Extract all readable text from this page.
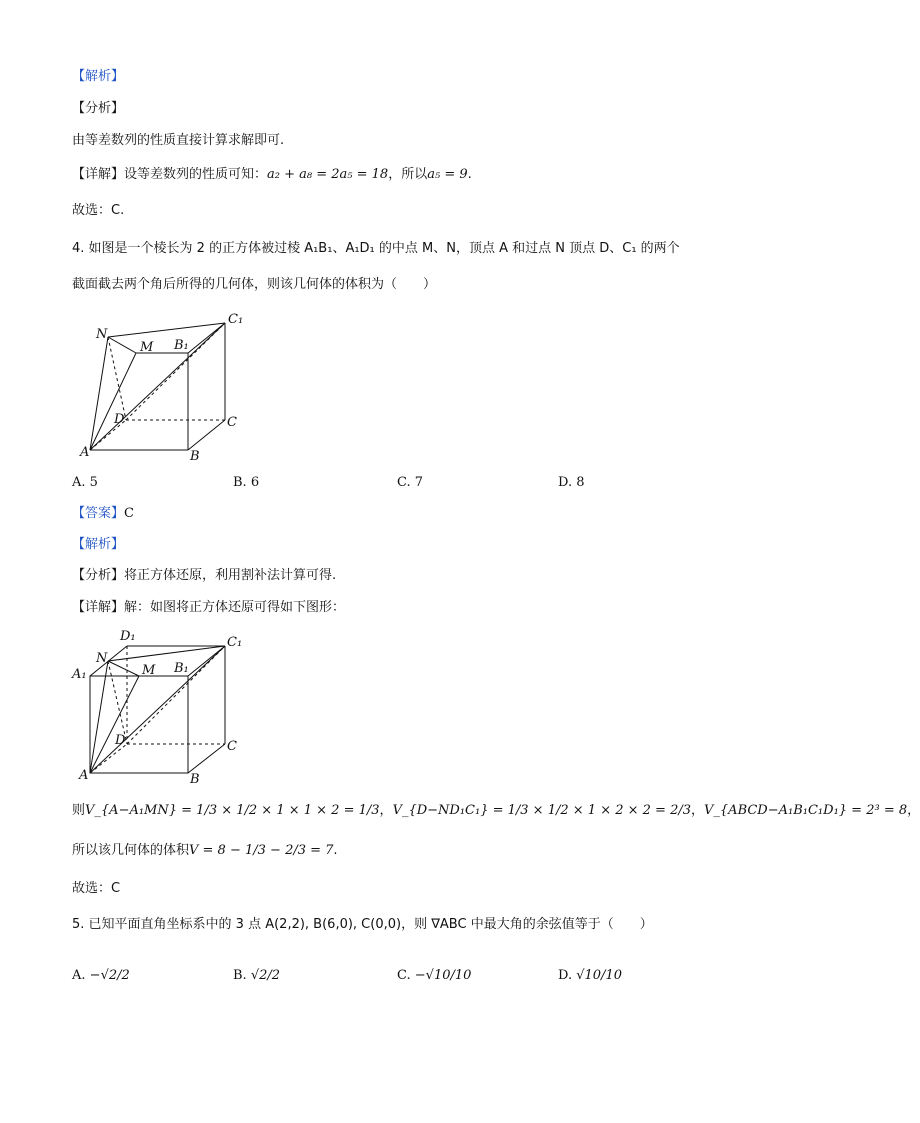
【解析】
【分析】
由等差数列的性质直接计算求解即可.
【详解】设等差数列的性质可知：a₂ + a₈ = 2a₅ = 18，所以a₅ = 9.
故选：C.
4. 如图是一个棱长为 2 的正方体被过棱 A₁B₁、A₁D₁ 的中点 M、N，顶点 A 和过点 N 顶点 D、C₁ 的两个
截面截去两个角后所得的几何体，则该几何体的体积为（　　）
N
M B₁
C₁
D	C
A	B
A. 5	B. 6	C. 7	D. 8
【答案】C
【解析】
【分析】将正方体还原，利用割补法计算可得.
【详解】解：如图将正方体还原可得如下图形：
D₁	C₁
N
A₁	M B₁
D	C
A	B
则V_{A−A₁MN} = 1/3 × 1/2 × 1 × 1 × 2 = 1/3，V_{D−ND₁C₁} = 1/3 × 1/2 × 1 × 2 × 2 = 2/3，V_{ABCD−A₁B₁C₁D₁} = 2³ = 8，
所以该几何体的体积V = 8 − 1/3 − 2/3 = 7.
故选：C
5. 已知平面直角坐标系中的 3 点 A(2,2), B(6,0), C(0,0)，则 ∇ABC 中最大角的余弦值等于（　　）
A. −√2/2	B. √2/2	C. −√10/10	D. √10/10
